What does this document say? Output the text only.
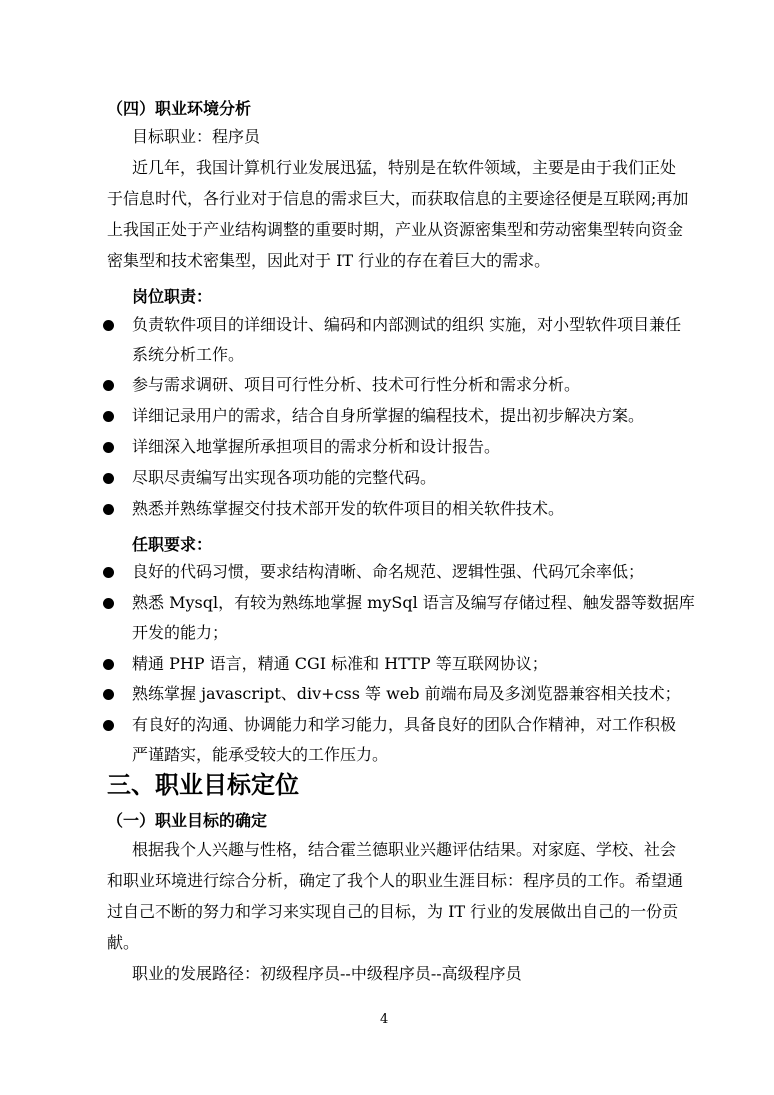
（四）职业环境分析
目标职业：程序员
近几年，我国计算机行业发展迅猛，特别是在软件领域，主要是由于我们正处
于信息时代，各行业对于信息的需求巨大，而获取信息的主要途径便是互联网;再加
上我国正处于产业结构调整的重要时期，产业从资源密集型和劳动密集型转向资金
密集型和技术密集型，因此对于 IT 行业的存在着巨大的需求。
岗位职责：
负责软件项目的详细设计、编码和内部测试的组织 实施，对小型软件项目兼任
系统分析工作。
参与需求调研、项目可行性分析、技术可行性分析和需求分析。
详细记录用户的需求，结合自身所掌握的编程技术，提出初步解决方案。
详细深入地掌握所承担项目的需求分析和设计报告。
尽职尽责编写出实现各项功能的完整代码。
熟悉并熟练掌握交付技术部开发的软件项目的相关软件技术。
任职要求：
良好的代码习惯，要求结构清晰、命名规范、逻辑性强、代码冗余率低；
熟悉 Mysql，有较为熟练地掌握 mySql 语言及编写存储过程、触发器等数据库
开发的能力；
精通 PHP 语言，精通 CGI 标准和 HTTP 等互联网协议；
熟练掌握 javascript、div+css 等 web 前端布局及多浏览器兼容相关技术；
有良好的沟通、协调能力和学习能力，具备良好的团队合作精神，对工作积极
严谨踏实，能承受较大的工作压力。
三、职业目标定位
（一）职业目标的确定
根据我个人兴趣与性格，结合霍兰德职业兴趣评估结果。对家庭、学校、社会
和职业环境进行综合分析，确定了我个人的职业生涯目标：程序员的工作。希望通
过自己不断的努力和学习来实现自己的目标，为 IT 行业的发展做出自己的一份贡
献。
职业的发展路径：初级程序员--中级程序员--高级程序员
4
